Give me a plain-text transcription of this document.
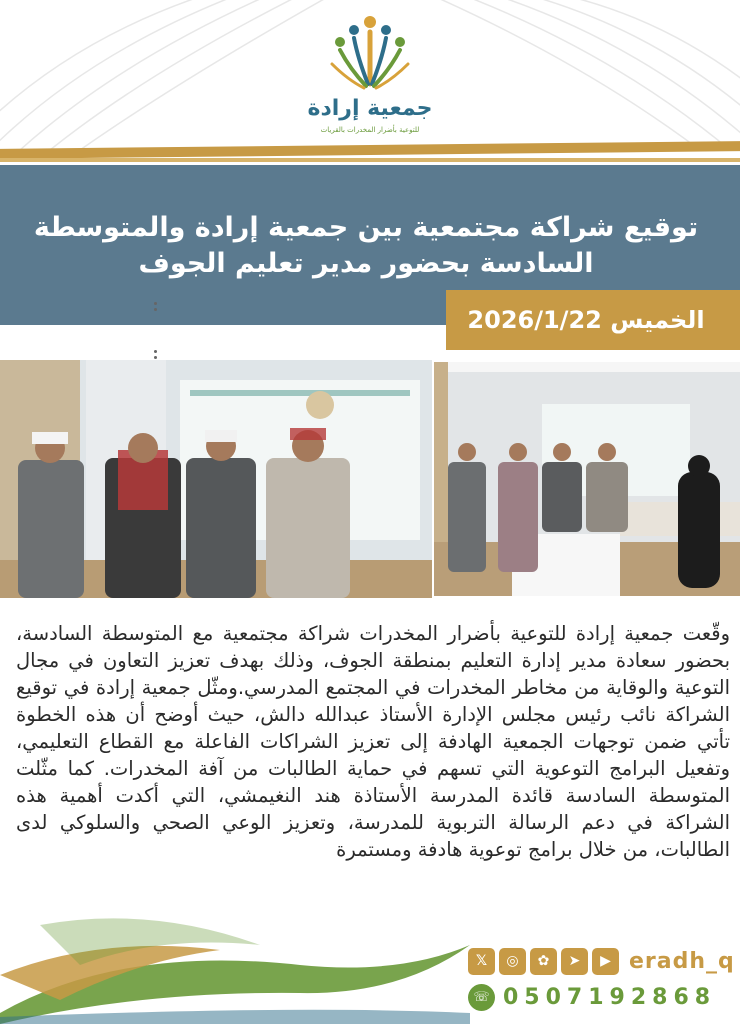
جمعية إرادة
للتوعية بأضرار المخدرات بالقريات
توقيع شراكة مجتمعية بين جمعية إرادة والمتوسطة السادسة بحضور مدير تعليم الجوف
الخميس 2026/1/22
وقّعت جمعية إرادة للتوعية بأضرار المخدرات شراكة مجتمعية مع المتوسطة السادسة، بحضور سعادة مدير إدارة التعليم بمنطقة الجوف، وذلك بهدف تعزيز التعاون في مجال التوعية والوقاية من مخاطر المخدرات في المجتمع المدرسي.ومثّل جمعية إرادة في توقيع الشراكة نائب رئيس مجلس الإدارة الأستاذ عبدالله دالش، حيث أوضح أن هذه الخطوة تأتي ضمن توجهات الجمعية الهادفة إلى تعزيز الشراكات الفاعلة مع القطاع التعليمي، وتفعيل البرامج التوعوية التي تسهم في حماية الطالبات من آفة المخدرات. كما مثّلت المتوسطة السادسة قائدة المدرسة الأستاذة هند النغيمشي، التي أكدت أهمية هذه الشراكة في دعم الرسالة التربوية للمدرسة، وتعزيز الوعي الصحي والسلوكي لدى الطالبات، من خلال برامج توعوية هادفة ومستمرة
𝕏	◎	✿	➤	▶ eradh_q
☏ 0507192868
